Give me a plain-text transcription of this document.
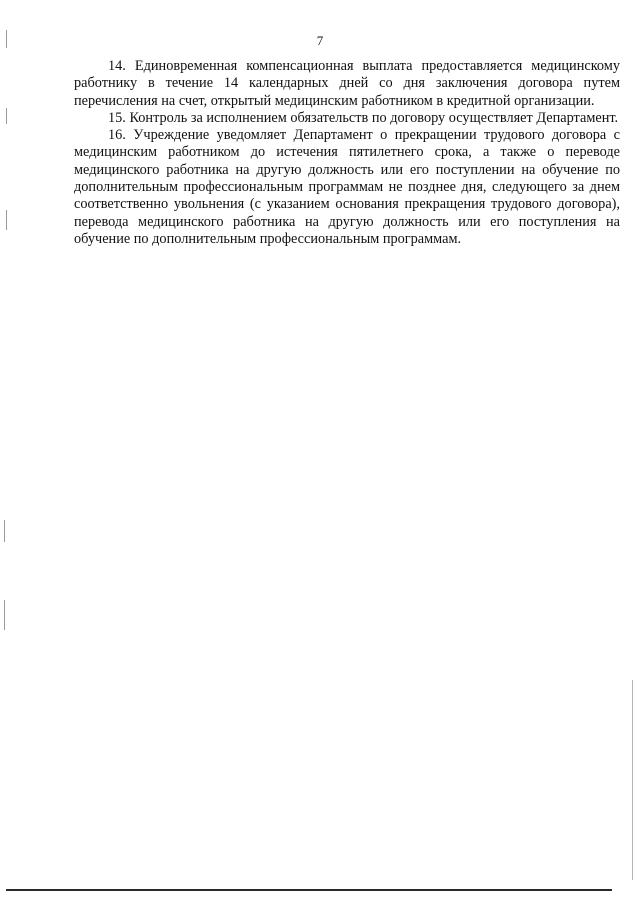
7

14. Единовременная компенсационная выплата предоставляется медицинскому работнику в течение 14 календарных дней со дня заключения договора путем перечисления на счет, открытый медицинским работником в кредитной организации.

15. Контроль за исполнением обязательств по договору осуществляет Департамент.

16. Учреждение уведомляет Департамент о прекращении трудового договора с медицинским работником до истечения пятилетнего срока, а также о переводе медицинского работника на другую должность или его поступлении на обучение по дополнительным профессиональным программам не позднее дня, следующего за днем соответственно увольнения (с указанием основания прекращения трудового договора), перевода медицинского работника на другую должность или его поступления на обучение по дополнительным профессиональным программам.
